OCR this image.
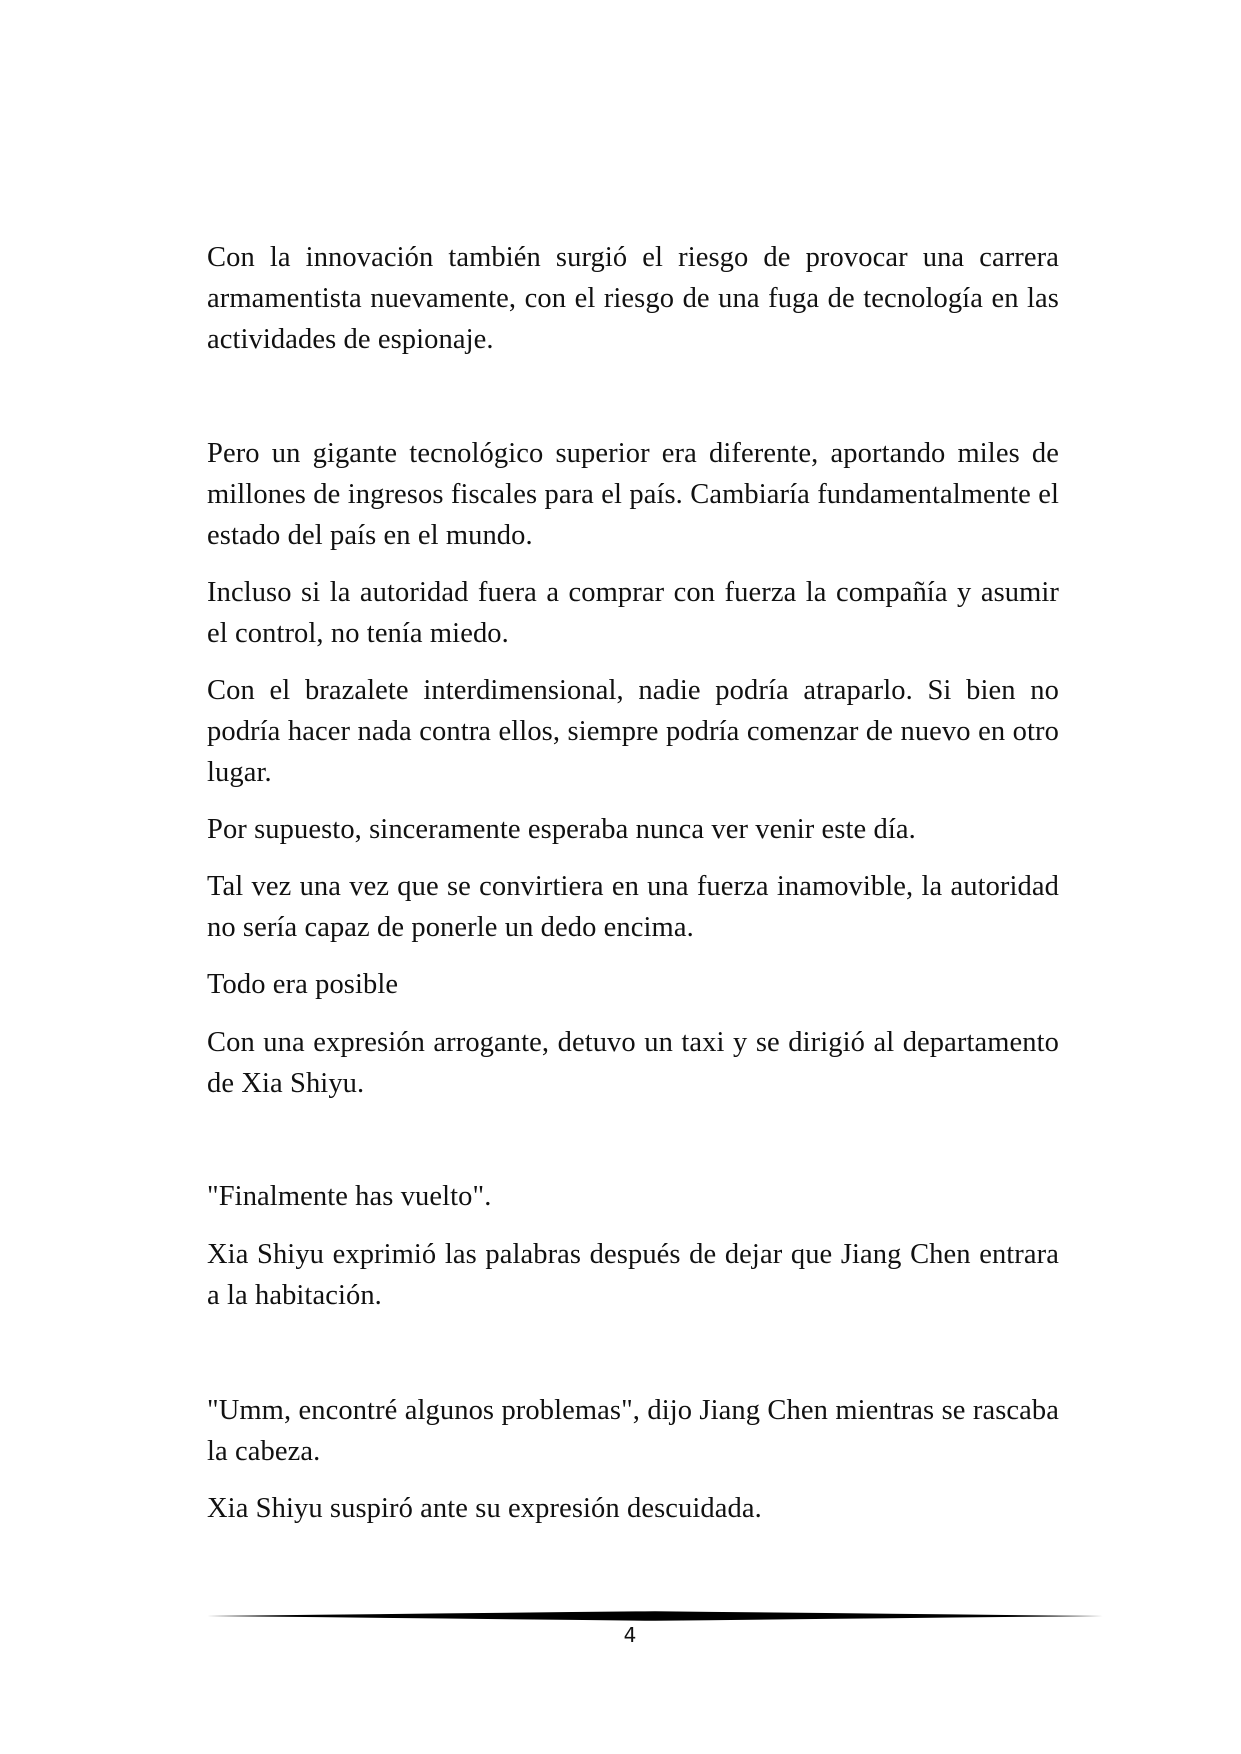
Con la innovación también surgió el riesgo de provocar una carrera armamentista nuevamente, con el riesgo de una fuga de tecnología en las actividades de espionaje.

Pero un gigante tecnológico superior era diferente, aportando miles de millones de ingresos fiscales para el país. Cambiaría fundamentalmente el estado del país en el mundo.

Incluso si la autoridad fuera a comprar con fuerza la compañía y asumir el control, no tenía miedo.

Con el brazalete interdimensional, nadie podría atraparlo. Si bien no podría hacer nada contra ellos, siempre podría comenzar de nuevo en otro lugar.

Por supuesto, sinceramente esperaba nunca ver venir este día.

Tal vez una vez que se convirtiera en una fuerza inamovible, la autoridad no sería capaz de ponerle un dedo encima.

Todo era posible

Con una expresión arrogante, detuvo un taxi y se dirigió al departamento de Xia Shiyu.

"Finalmente has vuelto".

Xia Shiyu exprimió las palabras después de dejar que Jiang Chen entrara a la habitación.

"Umm, encontré algunos problemas", dijo Jiang Chen mientras se rascaba la cabeza.

Xia Shiyu suspiró ante su expresión descuidada.

4
